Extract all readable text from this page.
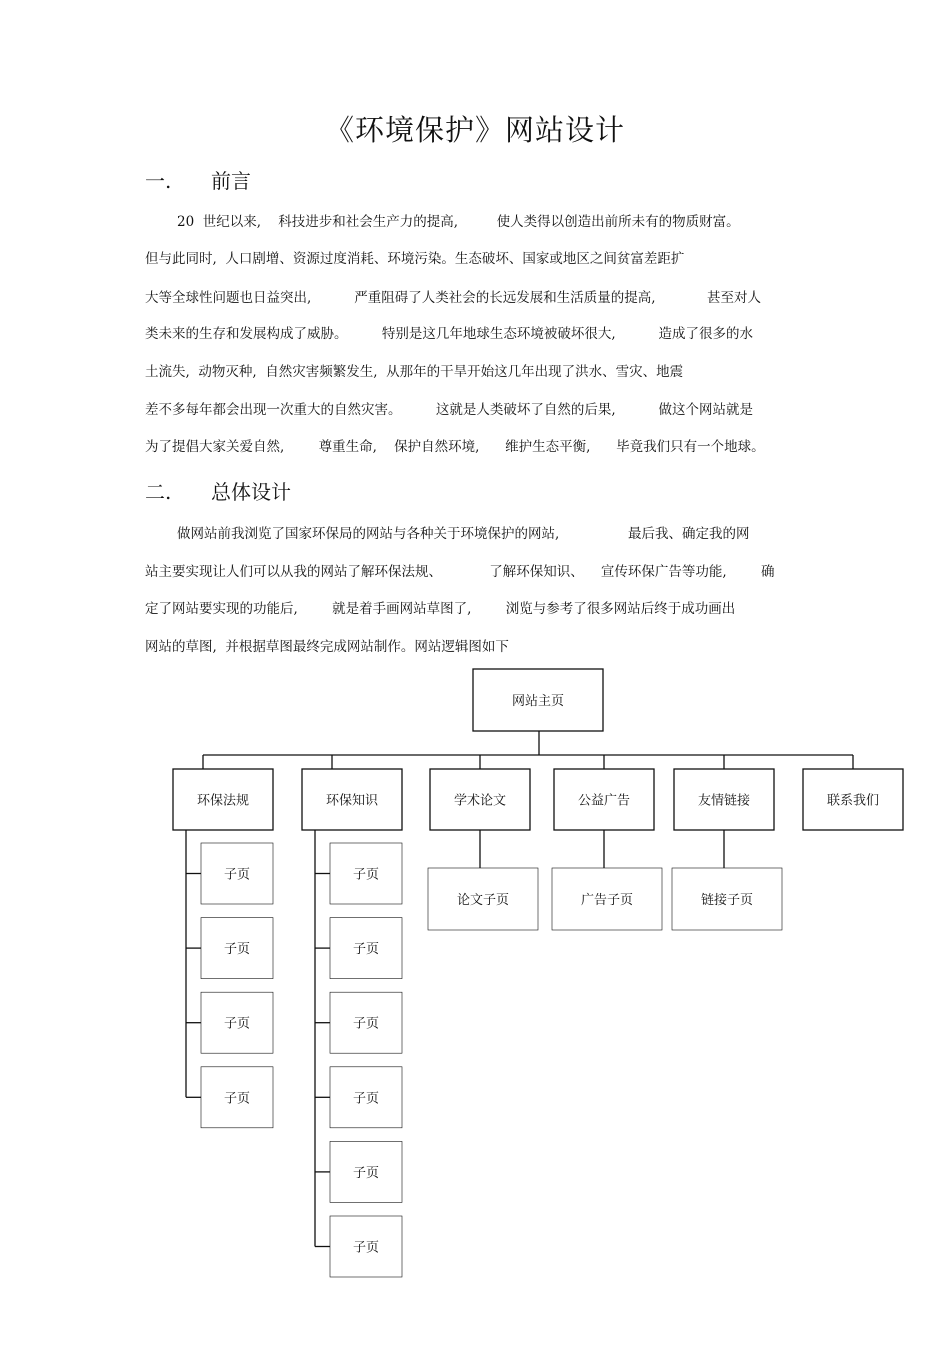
《环境保护》网站设计
一. 前言
20  世纪以来,    科技进步和社会生产力的提高,         使人类得以创造出前所未有的物质财富。
但与此同时,  人口剧增、资源过度消耗、环境污染。生态破坏、国家或地区之间贫富差距扩
大等全球性问题也日益突出,          严重阻碍了人类社会的长远发展和生活质量的提高,            甚至对人
类未来的生存和发展构成了威胁。        特别是这几年地球生态环境被破坏很大,          造成了很多的水
土流失,  动物灭种,  自然灾害频繁发生,  从那年的干旱开始这几年出现了洪水、雪灾、地震
差不多每年都会出现一次重大的自然灾害。        这就是人类破坏了自然的后果,          做这个网站就是
为了提倡大家关爱自然,        尊重生命,    保护自然环境,      维护生态平衡,      毕竟我们只有一个地球。
二. 总体设计
做网站前我浏览了国家环保局的网站与各种关于环境保护的网站,                最后我、确定我的网
站主要实现让人们可以从我的网站了解环保法规、           了解环保知识、    宣传环保广告等功能,        确
定了网站要实现的功能后,        就是着手画网站草图了,        浏览与参考了很多网站后终于成功画出
网站的草图,  并根据草图最终完成网站制作。网站逻辑图如下
网站主页
环保法规
子页
子页
子页
子页
环保知识
子页
子页
子页
子页
子页
子页
学术论文
论文子页
公益广告
广告子页
友情链接
链接子页
联系我们
